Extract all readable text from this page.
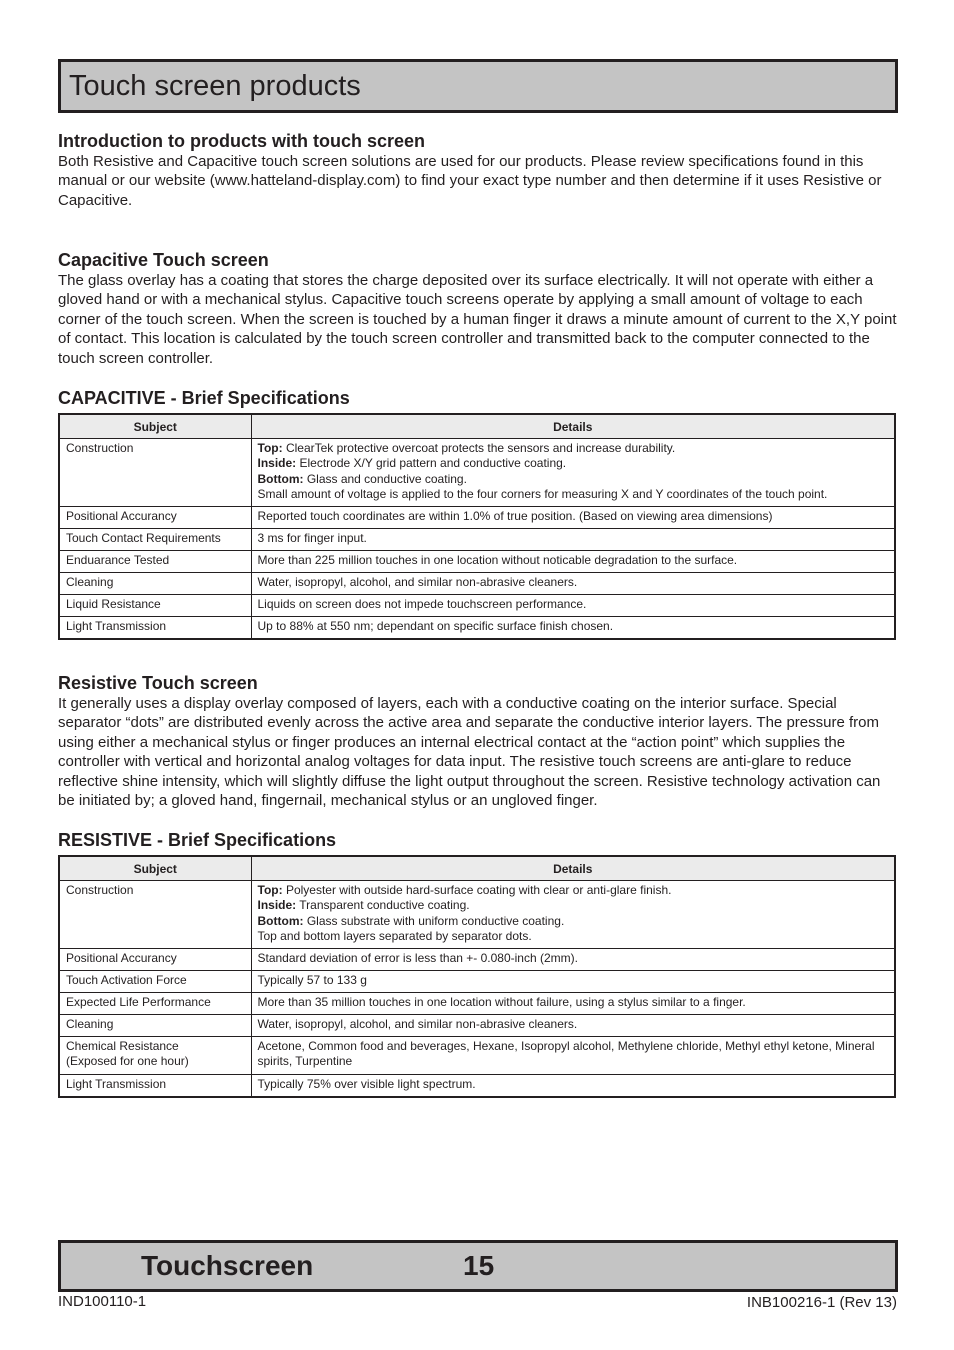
Touch screen products
Introduction to products with touch screen

Both Resistive and Capacitive touch screen solutions are used for our products. Please review specifications found in this manual or our website (www.hatteland-display.com) to find your exact type number and then determine if it uses Resistive or Capacitive.

Capacitive Touch screen

The glass overlay has a coating that stores the charge deposited over its surface electrically. It will not operate with either a gloved hand or with a mechanical stylus. Capacitive touch screens operate by applying a small amount of voltage to each corner of the touch screen. When the screen is touched by a human finger it draws a minute amount of current to the X,Y point of contact. This location is calculated by the touch screen controller and transmitted back to the computer connected to the touch screen controller.

CAPACITIVE - Brief Specifications
Subject	Details
Construction	Top: ClearTek protective overcoat protects the sensors and increase durability.
Inside: Electrode X/Y grid pattern and conductive coating.
Bottom: Glass and conductive coating.
Small amount of voltage is applied to the four corners for measuring X and Y coordinates of the touch point.

Positional Accurancy	Reported touch coordinates are within 1.0% of true position. (Based on viewing area dimensions)
Touch Contact Requirements	3 ms for finger input.
Enduarance Tested	More than 225 million touches in one location without noticable degradation to the surface.
Cleaning	Water, isopropyl, alcohol, and similar non-abrasive cleaners.
Liquid Resistance	Liquids on screen does not impede touchscreen performance.
Light Transmission	Up to 88% at 550 nm; dependant on specific surface finish chosen.
Resistive Touch screen

It generally uses a display overlay composed of layers, each with a conductive coating on the interior surface. Special separator “dots” are distributed evenly across the active area and separate the conductive interior layers. The pressure from using either a mechanical stylus or finger produces an internal electrical contact at the “action point” which supplies the controller with vertical and horizontal analog voltages for data input. The resistive touch screens are anti-glare to reduce reflective shine intensity, which will slightly diffuse the light output throughout the screen. Resistive technology activation can be initiated by; a gloved hand, fingernail, mechanical stylus or an ungloved finger.

RESISTIVE - Brief Specifications
Subject	Details
Construction	Top: Polyester with outside hard-surface coating with clear or anti-glare finish.
Inside: Transparent conductive coating.
Bottom: Glass substrate with uniform conductive coating.
Top and bottom layers separated by separator dots.

Positional Accurancy	Standard deviation of error is less than +- 0.080-inch (2mm).
Touch Activation Force	Typically 57 to 133 g
Expected Life Performance	More than 35 million touches in one location without failure, using a stylus similar to a finger.
Cleaning	Water, isopropyl, alcohol, and similar non-abrasive cleaners.

Chemical Resistance
(Exposed for one hour)	Acetone, Common food and beverages, Hexane, Isopropyl alcohol, Methylene chloride, Methyl ethyl ketone, Mineral spirits, Turpentine
Light Transmission	Typically 75% over visible light spectrum.
Touchscreen	15
IND100110-1	INB100216-1 (Rev 13)
